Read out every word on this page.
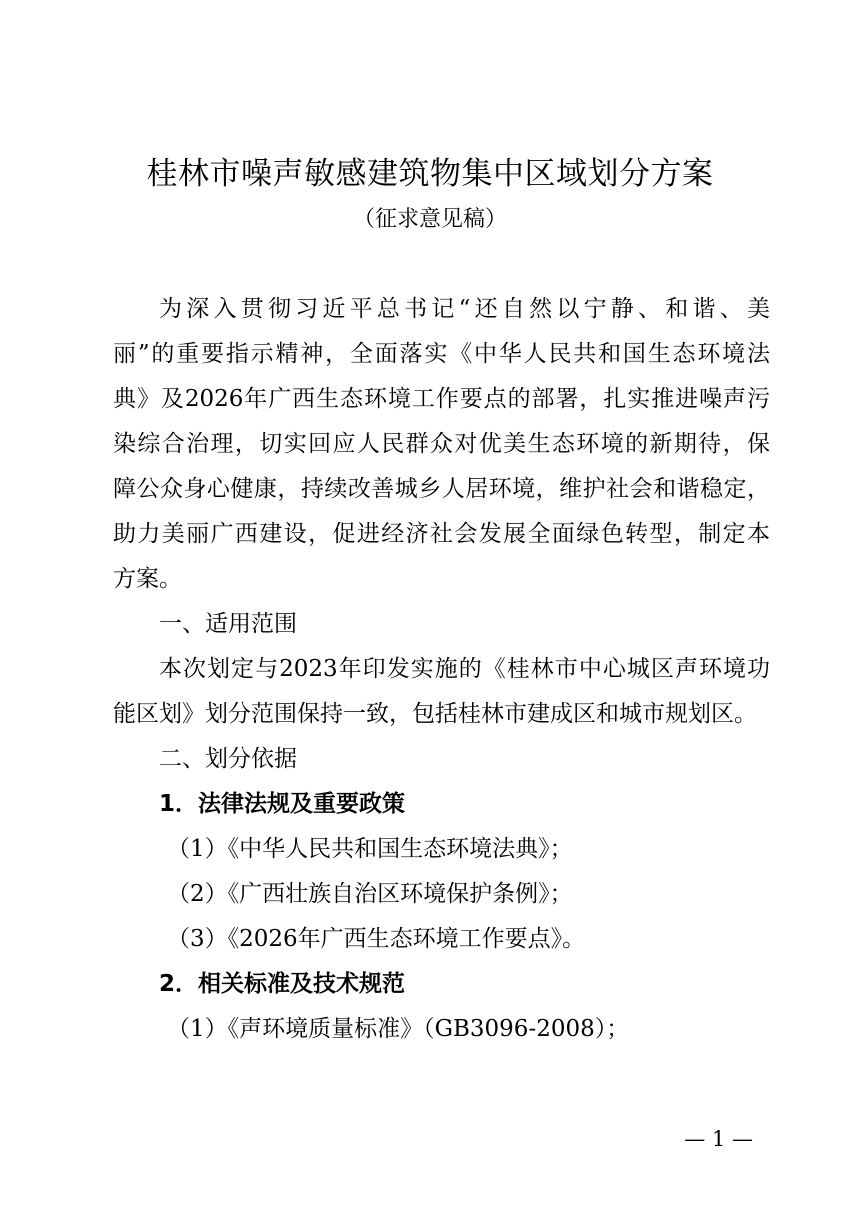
桂林市噪声敏感建筑物集中区域划分方案
（征求意见稿）
为深入贯彻习近平总书记“还自然以宁静、和谐、美
丽”的重要指示精神，全面落实《中华人民共和国生态环境法
典》及2026年广西生态环境工作要点的部署，扎实推进噪声污
染综合治理，切实回应人民群众对优美生态环境的新期待，保
障公众身心健康，持续改善城乡人居环境，维护社会和谐稳定，
助力美丽广西建设，促进经济社会发展全面绿色转型，制定本
方案。
一、适用范围
本次划定与2023年印发实施的《桂林市中心城区声环境功
能区划》划分范围保持一致，包括桂林市建成区和城市规划区。
二、划分依据
1．法律法规及重要政策
（1）《中华人民共和国生态环境法典》；
（2）《广西壮族自治区环境保护条例》；
（3）《2026年广西生态环境工作要点》。
2．相关标准及技术规范
（1）《声环境质量标准》（GB3096-2008）；
— 1 —
